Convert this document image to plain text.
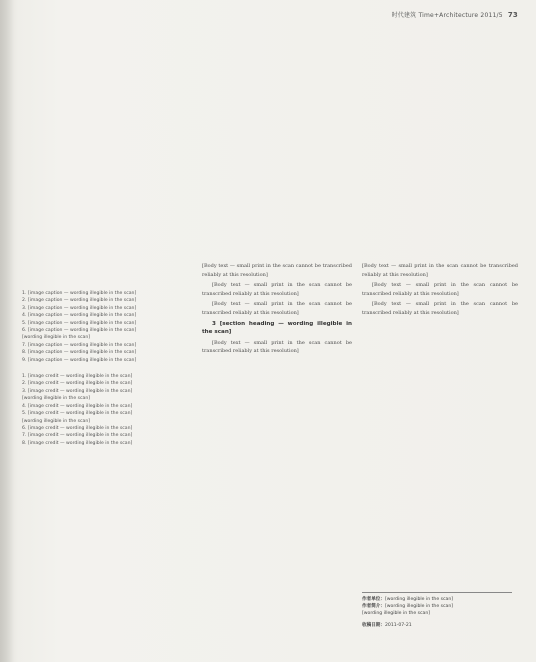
时代建筑 Time+Architecture 2011/5 73
1. [image caption — wording illegible in the scan]
2. [image caption — wording illegible in the scan]
3. [image caption — wording illegible in the scan]
4. [image caption — wording illegible in the scan]
5. [image caption — wording illegible in the scan]
6. [image caption — wording illegible in the scan]
[wording illegible in the scan]
7. [image caption — wording illegible in the scan]
8. [image caption — wording illegible in the scan]
9. [image caption — wording illegible in the scan]
1. [image credit — wording illegible in the scan]
2. [image credit — wording illegible in the scan]
3. [image credit — wording illegible in the scan]
[wording illegible in the scan]
4. [image credit — wording illegible in the scan]
5. [image credit — wording illegible in the scan]
[wording illegible in the scan]
6. [image credit — wording illegible in the scan]
7. [image credit — wording illegible in the scan]
8. [image credit — wording illegible in the scan]

[Body text — small print in the scan cannot be transcribed reliably at this resolution]

[Body text — small print in the scan cannot be transcribed reliably at this resolution]

[Body text — small print in the scan cannot be transcribed reliably at this resolution]

3 [section heading — wording illegible in the scan]

[Body text — small print in the scan cannot be transcribed reliably at this resolution]

[Body text — small print in the scan cannot be transcribed reliably at this resolution]

[Body text — small print in the scan cannot be transcribed reliably at this resolution]

[Body text — small print in the scan cannot be transcribed reliably at this resolution]

作者单位：[wording illegible in the scan]
作者简介：[wording illegible in the scan]
[wording illegible in the scan]
收稿日期：2011-07-21
